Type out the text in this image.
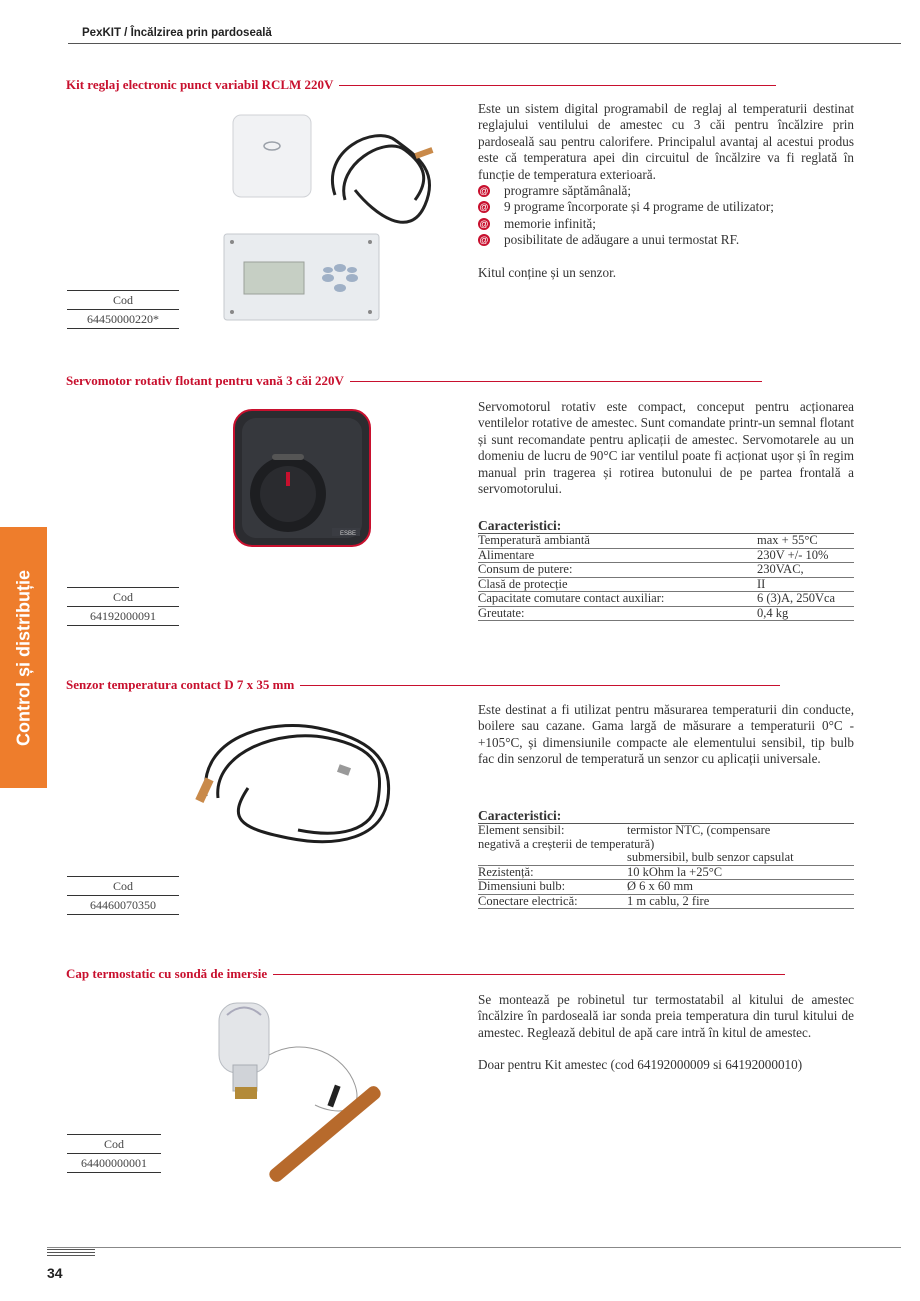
PexKIT / Încălzirea prin pardoseală
Control și distribuție
Kit reglaj electronic punct variabil RCLM 220V

Este un sistem digital programabil de reglaj al temperaturii destinat reglajului ventilului de amestec cu 3 căi pentru încălzire prin pardoseală sau pentru calorifere. Principalul avantaj al acestui produs este că temperatura apei din circuitul de încălzire va fi reglată în funcție de temperatura exterioară.

@ programre săptămânală;
@ 9 programe încorporate și 4 programe de utilizator;
@ memorie infinită;
@ posibilitate de adăugare a unui termostat RF.

Kitul conține și un senzor.

Cod
64450000220*
Servomotor rotativ flotant pentru vană 3 căi 220V
ESBE

Servomotorul rotativ este compact, conceput pentru acționarea ventilelor rotative de amestec. Sunt comandate printr-un semnal flotant și sunt recomandate pentru aplicații de amestec. Servomotarele au un domeniu de lucru de 90°C iar ventilul poate fi acționat ușor și în regim manual prin tragerea și rotirea butonului de pe partea frontală a servomotorului.

Caracteristici:
Temperatură ambiantă	max + 55°C
Alimentare	230V +/- 10%
Consum de putere:	230VAC,
Clasă de protecție	II
Capacitate comutare contact auxiliar:	6 (3)A, 250Vca
Greutate:	0,4 kg
Cod
64192000091
Senzor temperatura contact D 7 x 35 mm

Este destinat a fi utilizat pentru măsurarea temperaturii din conducte, boilere sau cazane. Gama largă de măsurare a temperaturii 0°C - +105°C, și dimensiunile compacte ale elementului sensibil, tip bulb fac din senzorul de temperatură un senzor cu aplicații universale.

Caracteristici:
Element sensibil:	termistor NTC, (compensare
negativă a creșterii de temperatură)
submersibil, bulb senzor capsulat
Rezistență:	10 kOhm la +25°C
Dimensiuni bulb:	Ø 6 x 60 mm
Conectare electrică:	1 m cablu, 2 fire
Cod
64460070350
Cap termostatic cu sondă de imersie

Se montează pe robinetul tur termostatabil al kitului de amestec încălzire în pardoseală iar sonda preia temperatura din turul kitului de amestec. Reglează debitul de apă care intră în kitul de amestec.

Doar pentru Kit amestec (cod 64192000009 si 64192000010)

Cod
64400000001
34
